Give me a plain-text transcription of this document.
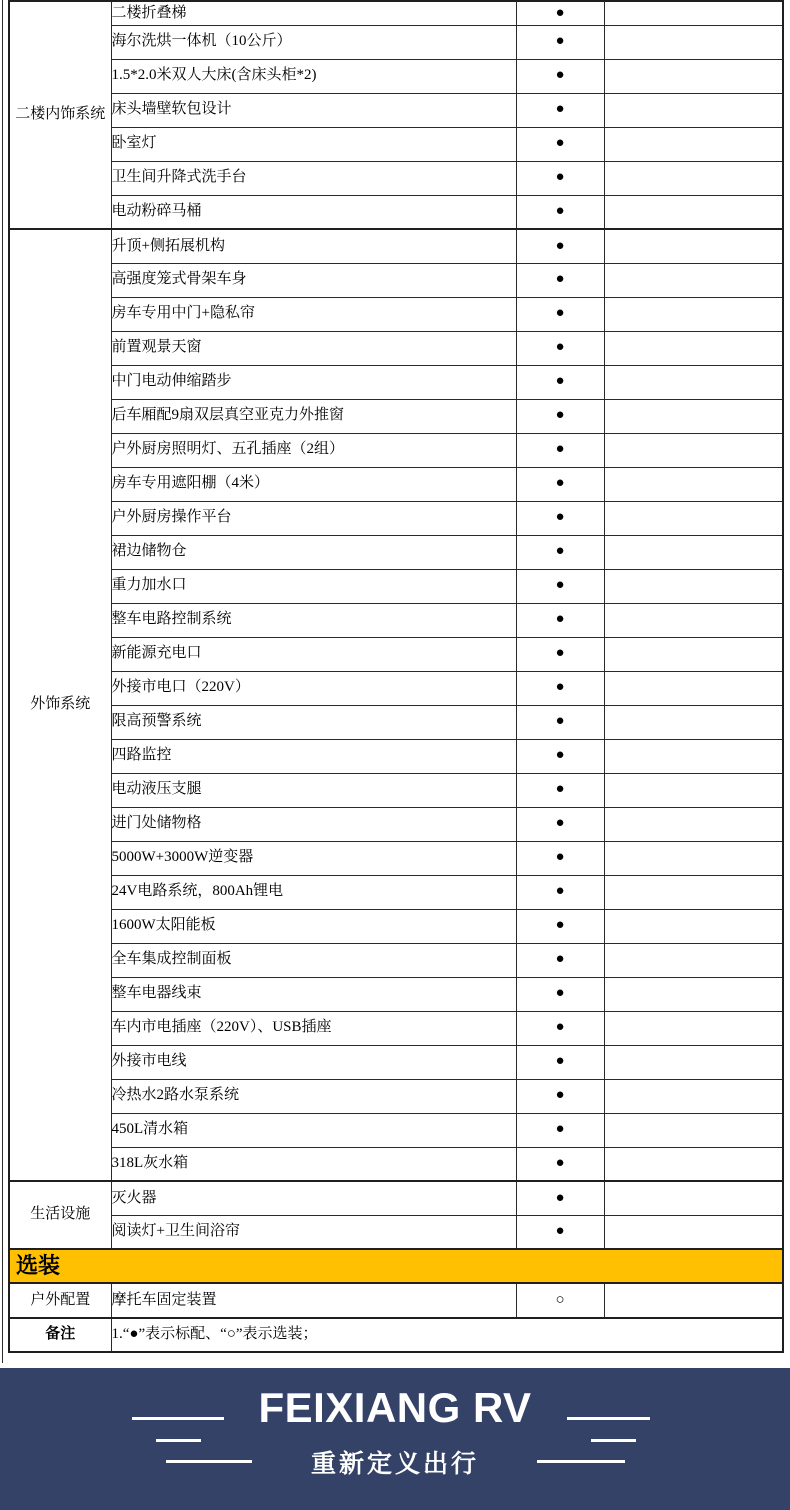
二楼内饰系统	二楼折叠梯	●	
	海尔洗烘一体机（10公斤）	●	
	1.5*2.0米双人大床(含床头柜*2)	●	
	床头墙壁软包设计	●	
	卧室灯	●	
	卫生间升降式洗手台	●	
	电动粉碎马桶	●	
外饰系统	升顶+侧拓展机构	●	
	高强度笼式骨架车身	●	
	房车专用中门+隐私帘	●	
	前置观景天窗	●	
	中门电动伸缩踏步	●	
	后车厢配9扇双层真空亚克力外推窗	●	
	户外厨房照明灯、五孔插座（2组）	●	
	房车专用遮阳棚（4米）	●	
	户外厨房操作平台	●	
	裙边储物仓	●	
	重力加水口	●	
	整车电路控制系统	●	
	新能源充电口	●	
	外接市电口（220V）	●	
	限高预警系统	●	
	四路监控	●	
	电动液压支腿	●	
	进门处储物格	●	
	5000W+3000W逆变器	●	
	24V电路系统，800Ah锂电	●	
	1600W太阳能板	●	
	全车集成控制面板	●	
	整车电器线束	●	
	车内市电插座（220V）、USB插座	●	
	外接市电线	●	
	冷热水2路水泵系统	●	
	450L清水箱	●	
	318L灰水箱	●	
生活设施	灭火器	●	
	阅读灯+卫生间浴帘	●	
选装			
户外配置	摩托车固定装置	○	
备注	1.“●”表示标配、“○”表示选装；		
FEIXIANG RV
重新定义出行
